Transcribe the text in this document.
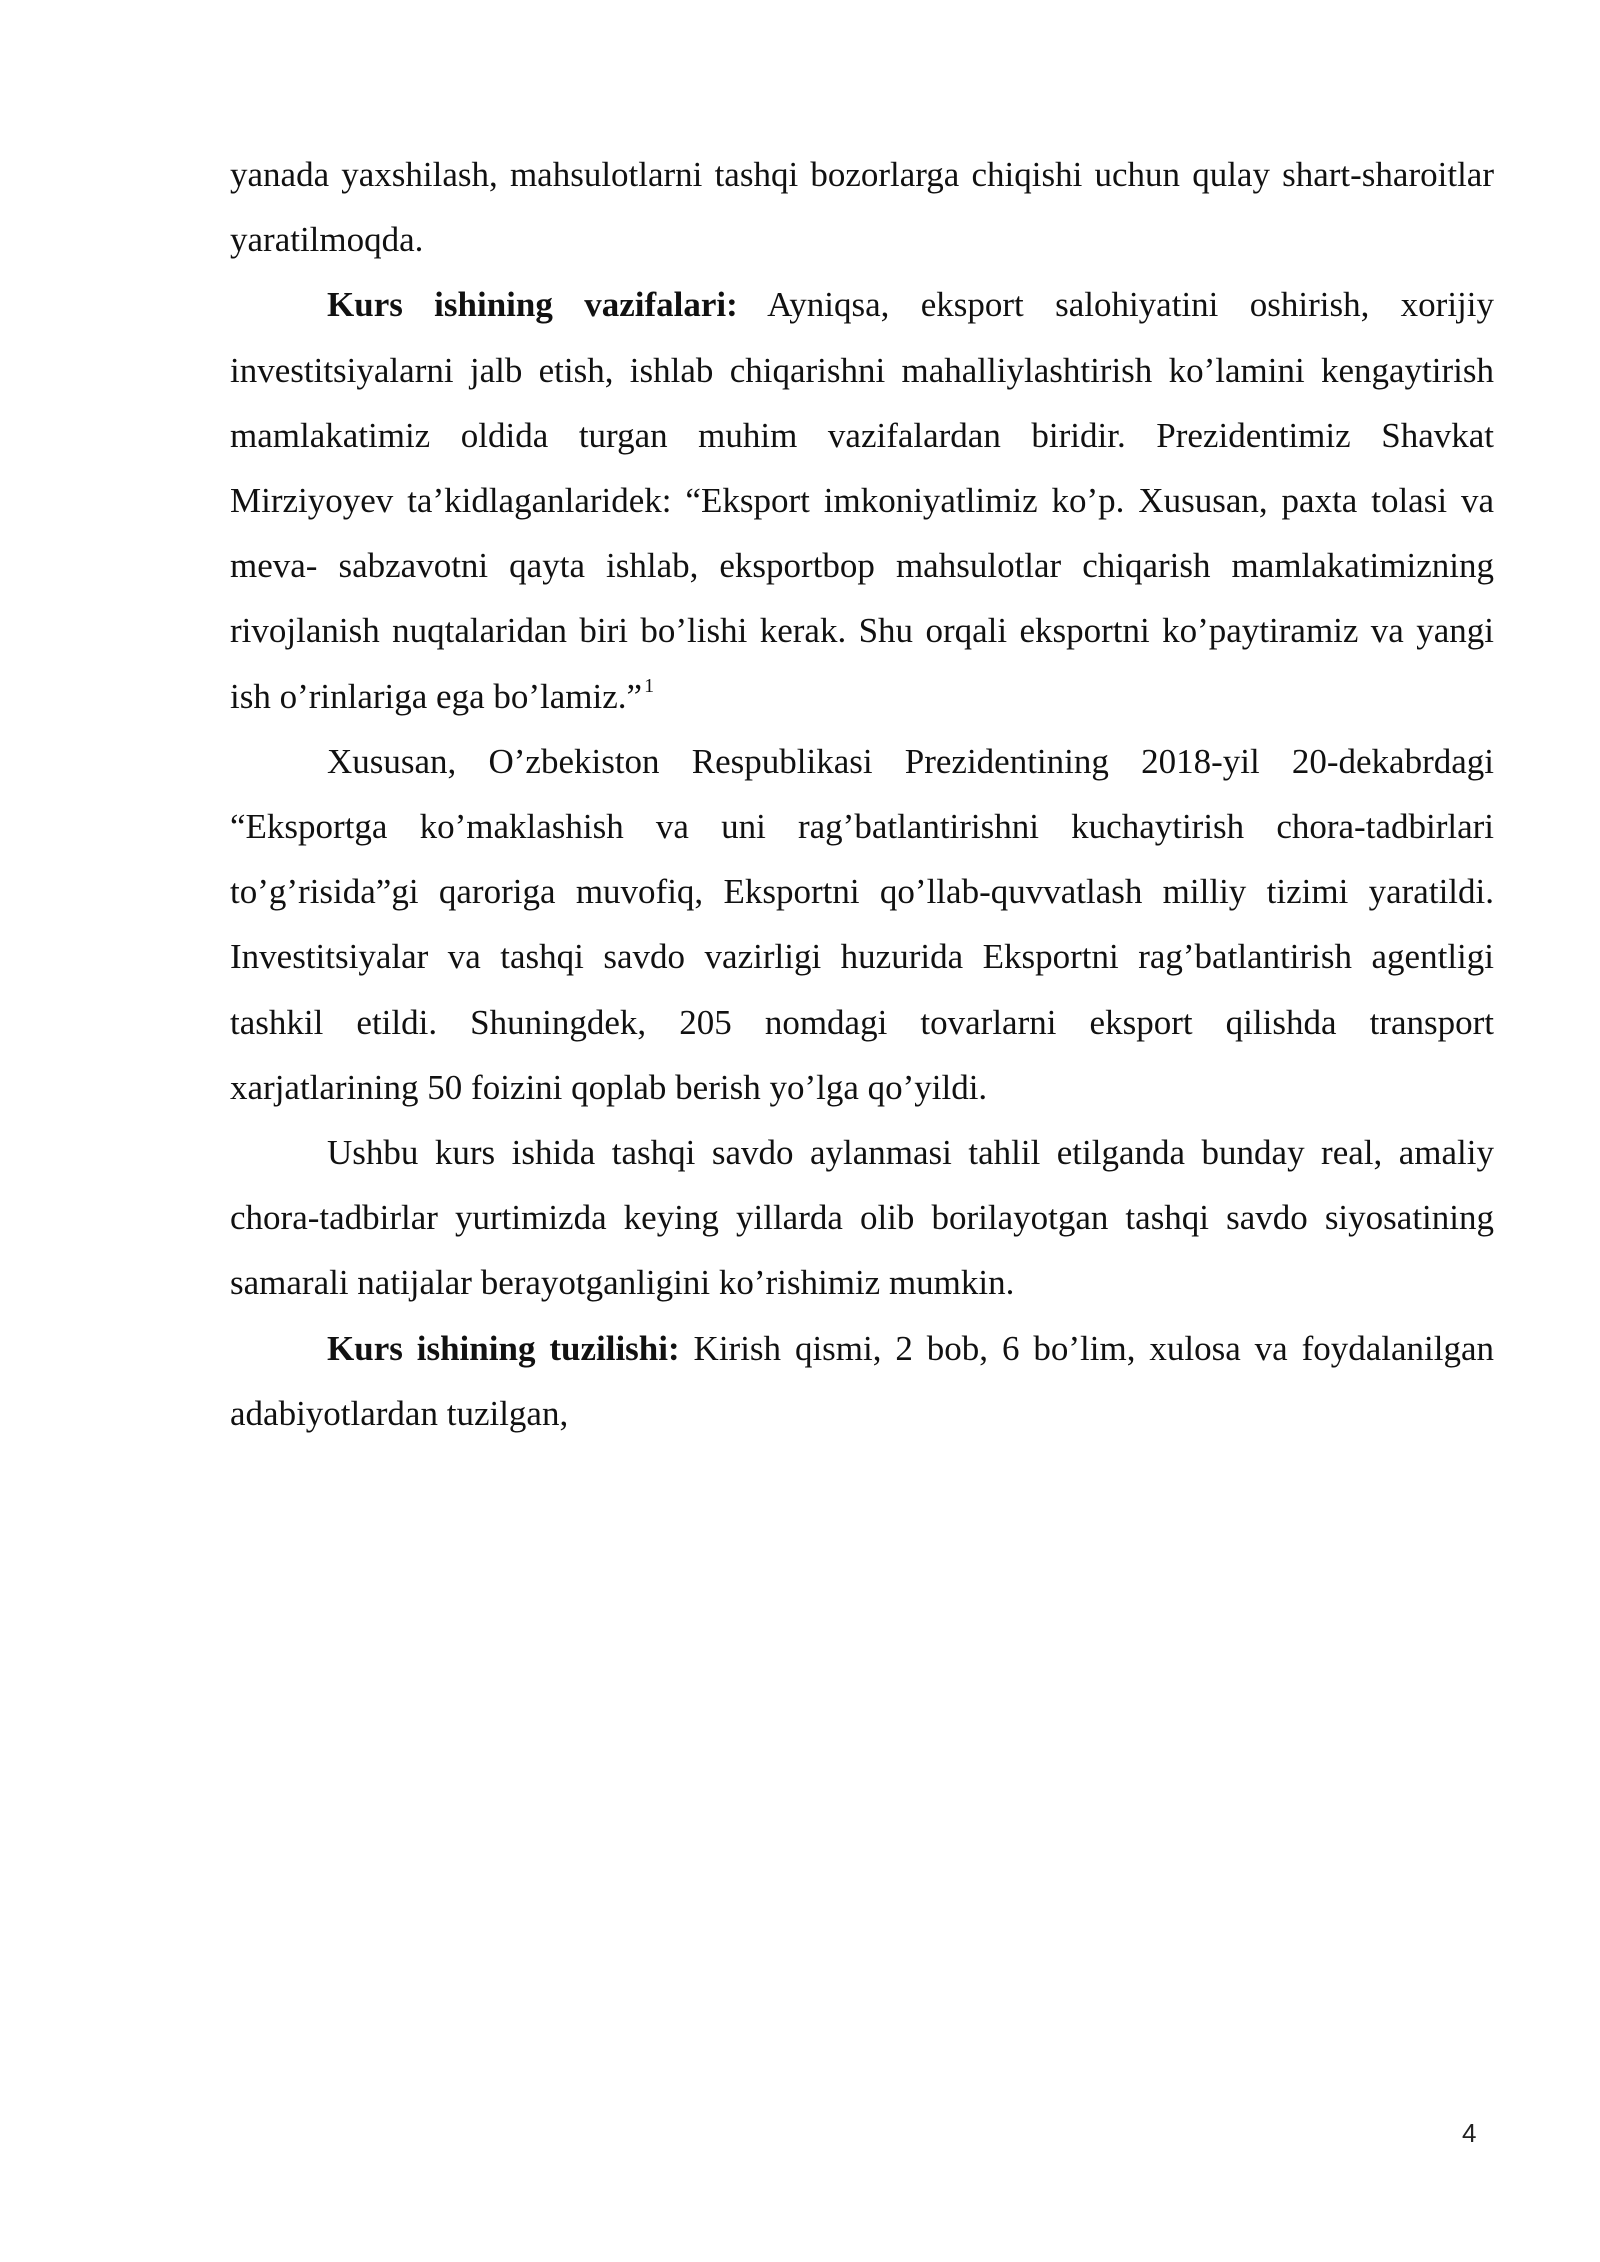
yanada yaxshilash, mahsulotlarni tashqi bozorlarga chiqishi uchun qulay shart-sharoitlar yaratilmoqda.

Kurs ishining vazifalari: Ayniqsa, eksport salohiyatini oshirish, xorijiy investitsiyalarni jalb etish, ishlab chiqarishni mahalliylashtirish ko’lamini kengaytirish mamlakatimiz oldida turgan muhim vazifalardan biridir. Prezidentimiz Shavkat Mirziyoyev ta’kidlaganlaridek: “Eksport imkoniyatlimiz ko’p. Xususan, paxta tolasi va meva- sabzavotni qayta ishlab, eksportbop mahsulotlar chiqarish mamlakatimizning rivojlanish nuqtalaridan biri bo’lishi kerak. Shu orqali eksportni ko’paytiramiz va yangi ish o’rinlariga ega bo’lamiz.” $^1$

Xususan, O’zbekiston Respublikasi Prezidentining 2018-yil 20-dekabrdagi “Eksportga ko’maklashish va uni rag’batlantirishni kuchaytirish chora-tadbirlari to’g’risida”gi qaroriga muvofiq, Eksportni qo’llab-quvvatlash milliy tizimi yaratildi. Investitsiyalar va tashqi savdo vazirligi huzurida Eksportni rag’batlantirish agentligi tashkil etildi. Shuningdek, 205 nomdagi tovarlarni eksport qilishda transport xarjatlarining 50 foizini qoplab berish yo’lga qo’yildi.

Ushbu kurs ishida tashqi savdo aylanmasi tahlil etilganda bunday real, amaliy chora-tadbirlar yurtimizda keying yillarda olib borilayotgan tashqi savdo siyosatining samarali natijalar berayotganligini ko’rishimiz mumkin.

Kurs ishining tuzilishi: Kirish qismi, 2 bob, 6 bo’lim, xulosa va foydalanilgan adabiyotlardan tuzilgan,

4
